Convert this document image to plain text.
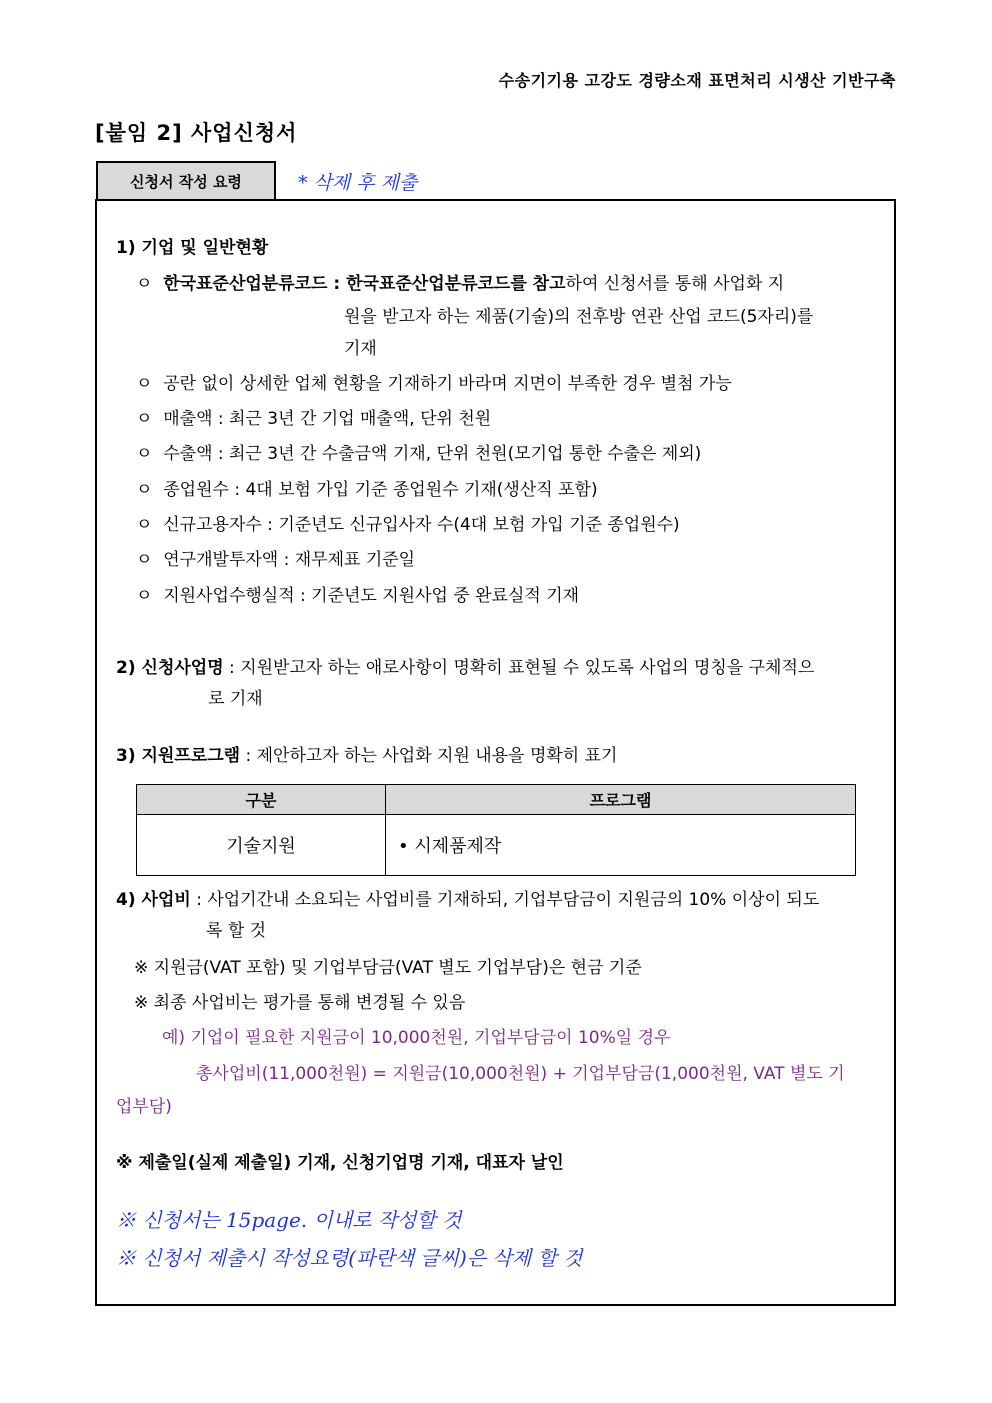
수송기기용 고강도 경량소재 표면처리 시생산 기반구축
[붙임 2] 사업신청서
신청서 작성 요령	* 삭제 후 제출
1) 기업 및 일반현황
ㅇ 한국표준산업분류코드 : 한국표준산업분류코드를 참고하여 신청서를 통해 사업화 지
원을 받고자 하는 제품(기술)의 전후방 연관 산업 코드(5자리)를
기재
ㅇ 공란 없이 상세한 업체 현황을 기재하기 바라며 지면이 부족한 경우 별첨 가능
ㅇ 매출액 : 최근 3년 간 기업 매출액, 단위 천원
ㅇ 수출액 : 최근 3년 간 수출금액 기재, 단위 천원(모기업 통한 수출은 제외)
ㅇ 종업원수 : 4대 보험 가입 기준 종업원수 기재(생산직 포함)
ㅇ 신규고용자수 : 기준년도 신규입사자 수(4대 보험 가입 기준 종업원수)
ㅇ 연구개발투자액 : 재무제표 기준일
ㅇ 지원사업수행실적 : 기준년도 지원사업 중 완료실적 기재
2) 신청사업명 : 지원받고자 하는 애로사항이 명확히 표현될 수 있도록 사업의 명칭을 구체적으
로 기재
3) 지원프로그램 : 제안하고자 하는 사업화 지원 내용을 명확히 표기
구분	프로그램
기술지원	• 시제품제작
4) 사업비 : 사업기간내 소요되는 사업비를 기재하되, 기업부담금이 지원금의 10% 이상이 되도
록 할 것
※ 지원금(VAT 포함) 및 기업부담금(VAT 별도 기업부담)은 현금 기준
※ 최종 사업비는 평가를 통해 변경될 수 있음
예) 기업이 필요한 지원금이 10,000천원, 기업부담금이 10%일 경우
총사업비(11,000천원) = 지원금(10,000천원) + 기업부담금(1,000천원, VAT 별도 기
업부담)
※ 제출일(실제 제출일) 기재, 신청기업명 기재, 대표자 날인
※ 신청서는 15page. 이내로 작성할 것
※ 신청서 제출시 작성요령(파란색 글씨)은 삭제 할 것
